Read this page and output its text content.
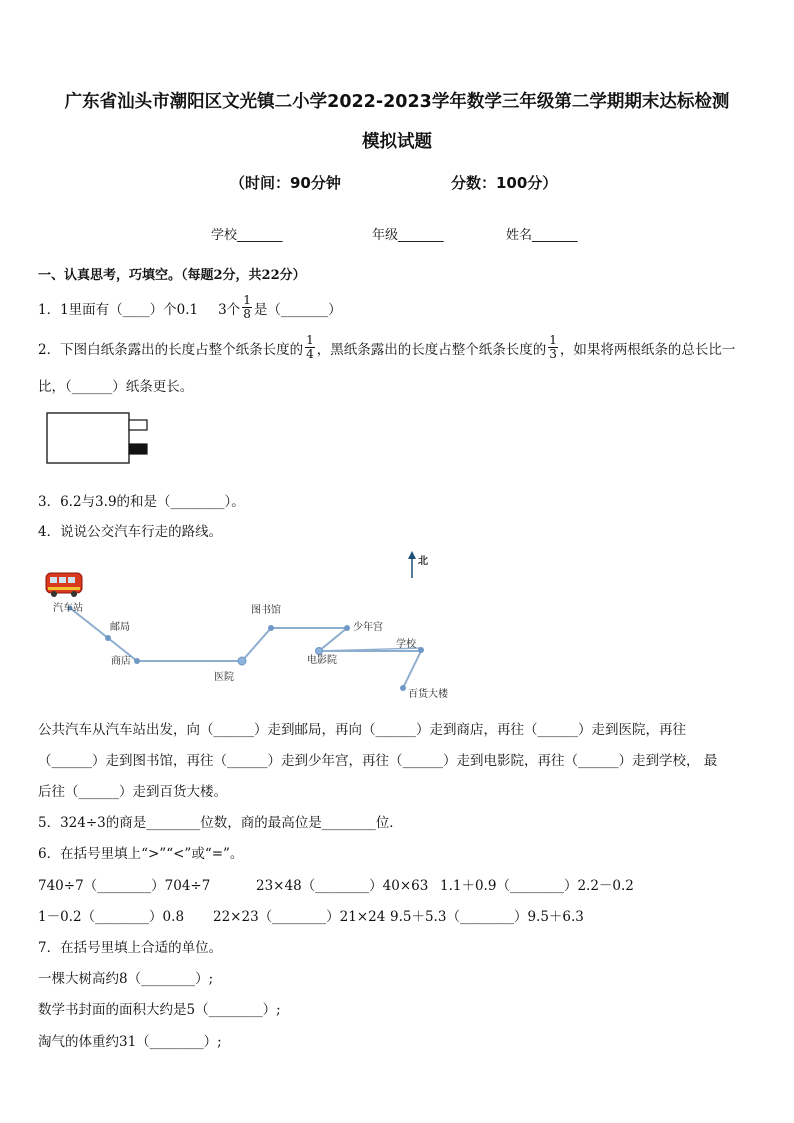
广东省汕头市潮阳区文光镇二小学2022-2023学年数学三年级第二学期期末达标检测
模拟试题
（时间：90分钟	分数：100分）
学校_______	年级_______	姓名_______
一、认真思考，巧填空。（每题2分，共22分）
1．1里面有（____）个0.1 3个 $\frac{1}{8}$ 是（_______）
2．下图白纸条露出的长度占整个纸条长度的 $\frac{1}{4}$ ，黑纸条露出的长度占整个纸条长度的 $\frac{1}{3}$ ，如果将两根纸条的总长比一
比，（______）纸条更长。
3．6.2与3.9的和是（________）。
4．说说公交汽车行走的路线。
北
汽车站
邮局
商店
医院
图书馆
少年宫
电影院
学校
百货大楼
公共汽车从汽车站出发，向（______）走到邮局，再向（______）走到商店，再往（______）走到医院，再往
（______）走到图书馆，再往（______）走到少年宫，再往（______）走到电影院，再往（______）走到学校， 最
后往（______）走到百货大楼。
5．324÷3的商是________位数，商的最高位是________位．
6．在括号里填上“>”“<”或“=”。
740÷7（________）704÷7	23×48（________）40×63 1.1＋0.9（________）2.2－0.2
1－0.2（________）0.8 22×23（________）21×24 9.5＋5.3（________）9.5＋6.3
7．在括号里填上合适的单位。
一棵大树高约8（________）;
数学书封面的面积大约是5（________）;
淘气的体重约31（________）;
